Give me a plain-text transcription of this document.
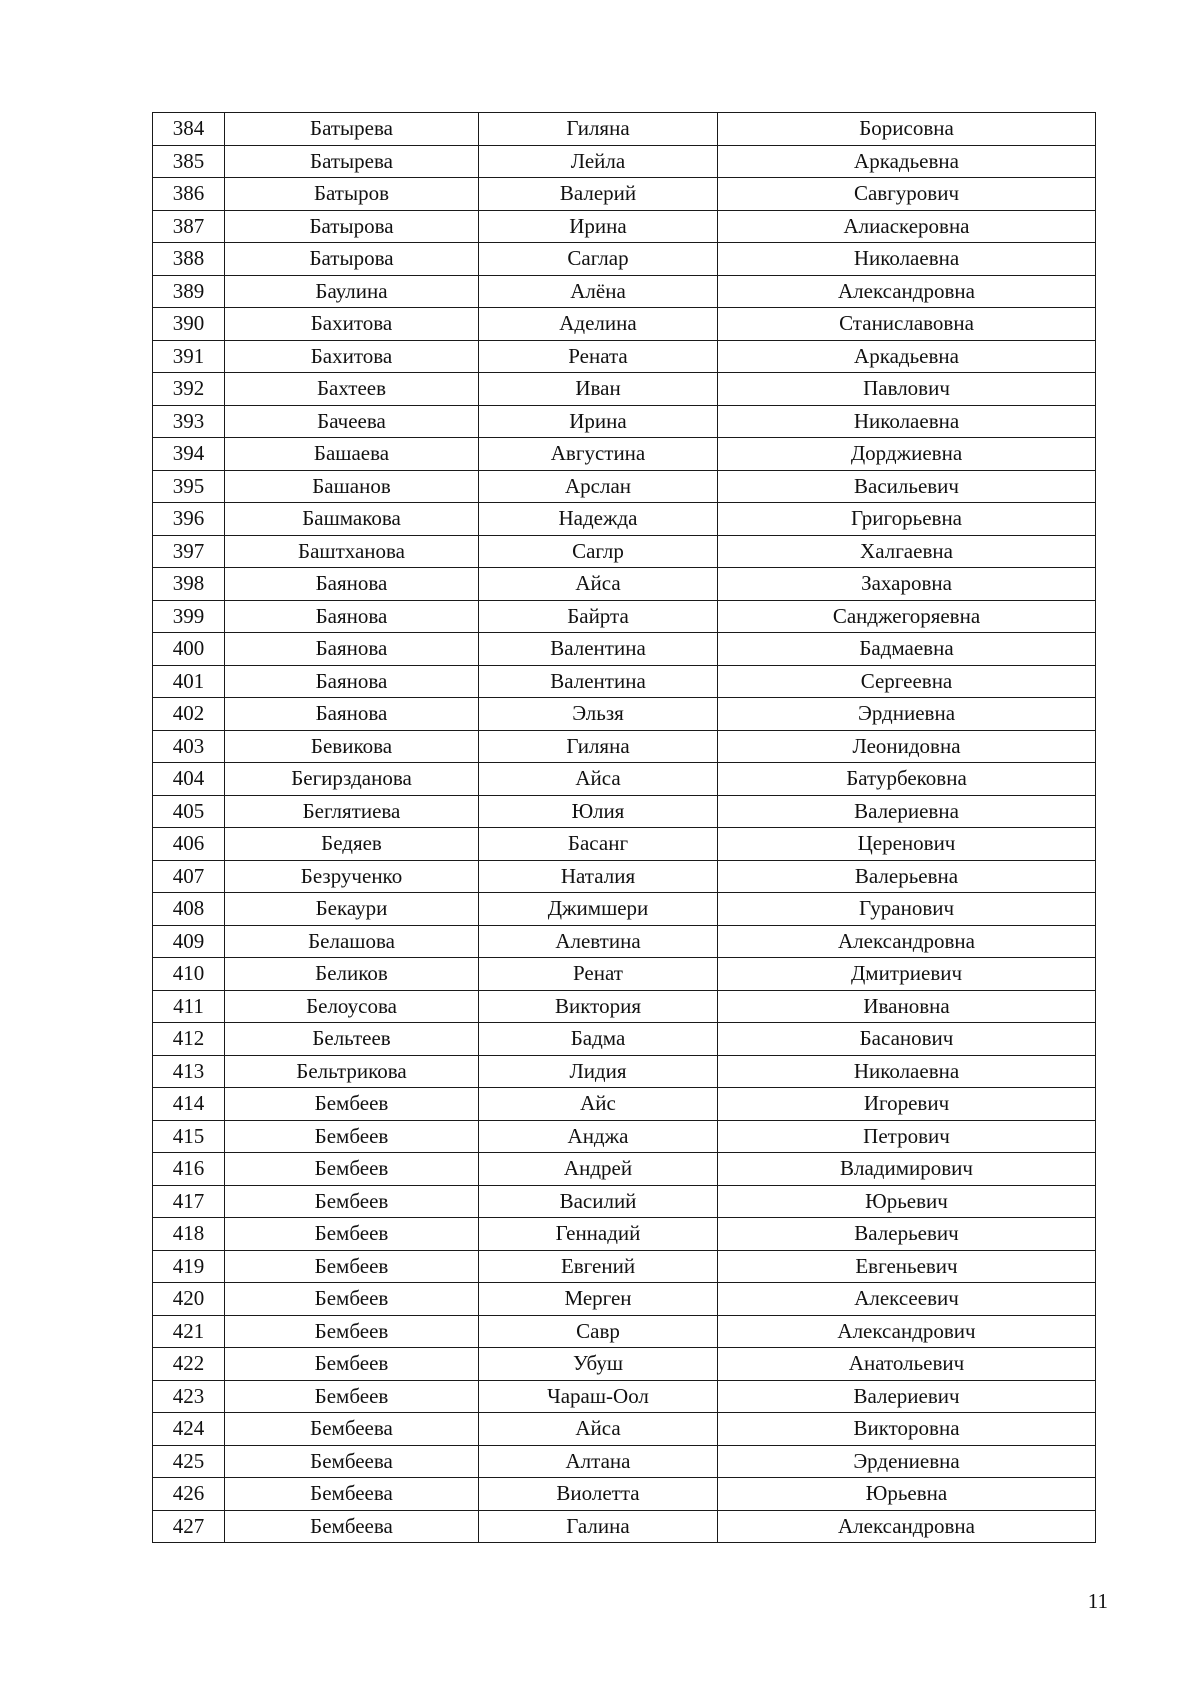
384	Батырева	Гиляна	Борисовна
385	Батырева	Лейла	Аркадьевна
386	Батыров	Валерий	Савгурович
387	Батырова	Ирина	Алиаскеровна
388	Батырова	Саглар	Николаевна
389	Баулина	Алёна	Александровна
390	Бахитова	Аделина	Станиславовна
391	Бахитова	Рената	Аркадьевна
392	Бахтеев	Иван	Павлович
393	Бачеева	Ирина	Николаевна
394	Башаева	Августина	Дорджиевна
395	Башанов	Арслан	Васильевич
396	Башмакова	Надежда	Григорьевна
397	Баштханова	Саглр	Халгаевна
398	Баянова	Айса	Захаровна
399	Баянова	Байрта	Санджегоряевна
400	Баянова	Валентина	Бадмаевна
401	Баянова	Валентина	Сергеевна
402	Баянова	Эльзя	Эрдниевна
403	Бевикова	Гиляна	Леонидовна
404	Бегирзданова	Айса	Батурбековна
405	Беглятиева	Юлия	Валериевна
406	Бедяев	Басанг	Церенович
407	Безрученко	Наталия	Валерьевна
408	Бекаури	Джимшери	Гуранович
409	Белашова	Алевтина	Александровна
410	Беликов	Ренат	Дмитриевич
411	Белоусова	Виктория	Ивановна
412	Бельтеев	Бадма	Басанович
413	Бельтрикова	Лидия	Николаевна
414	Бембеев	Айс	Игоревич
415	Бембеев	Анджа	Петрович
416	Бембеев	Андрей	Владимирович
417	Бембеев	Василий	Юрьевич
418	Бембеев	Геннадий	Валерьевич
419	Бембеев	Евгений	Евгеньевич
420	Бембеев	Мерген	Алексеевич
421	Бембеев	Савр	Александрович
422	Бембеев	Убуш	Анатольевич
423	Бембеев	Чараш-Оол	Валериевич
424	Бембеева	Айса	Викторовна
425	Бембеева	Алтана	Эрдениевна
426	Бембеева	Виолетта	Юрьевна
427	Бембеева	Галина	Александровна
11
